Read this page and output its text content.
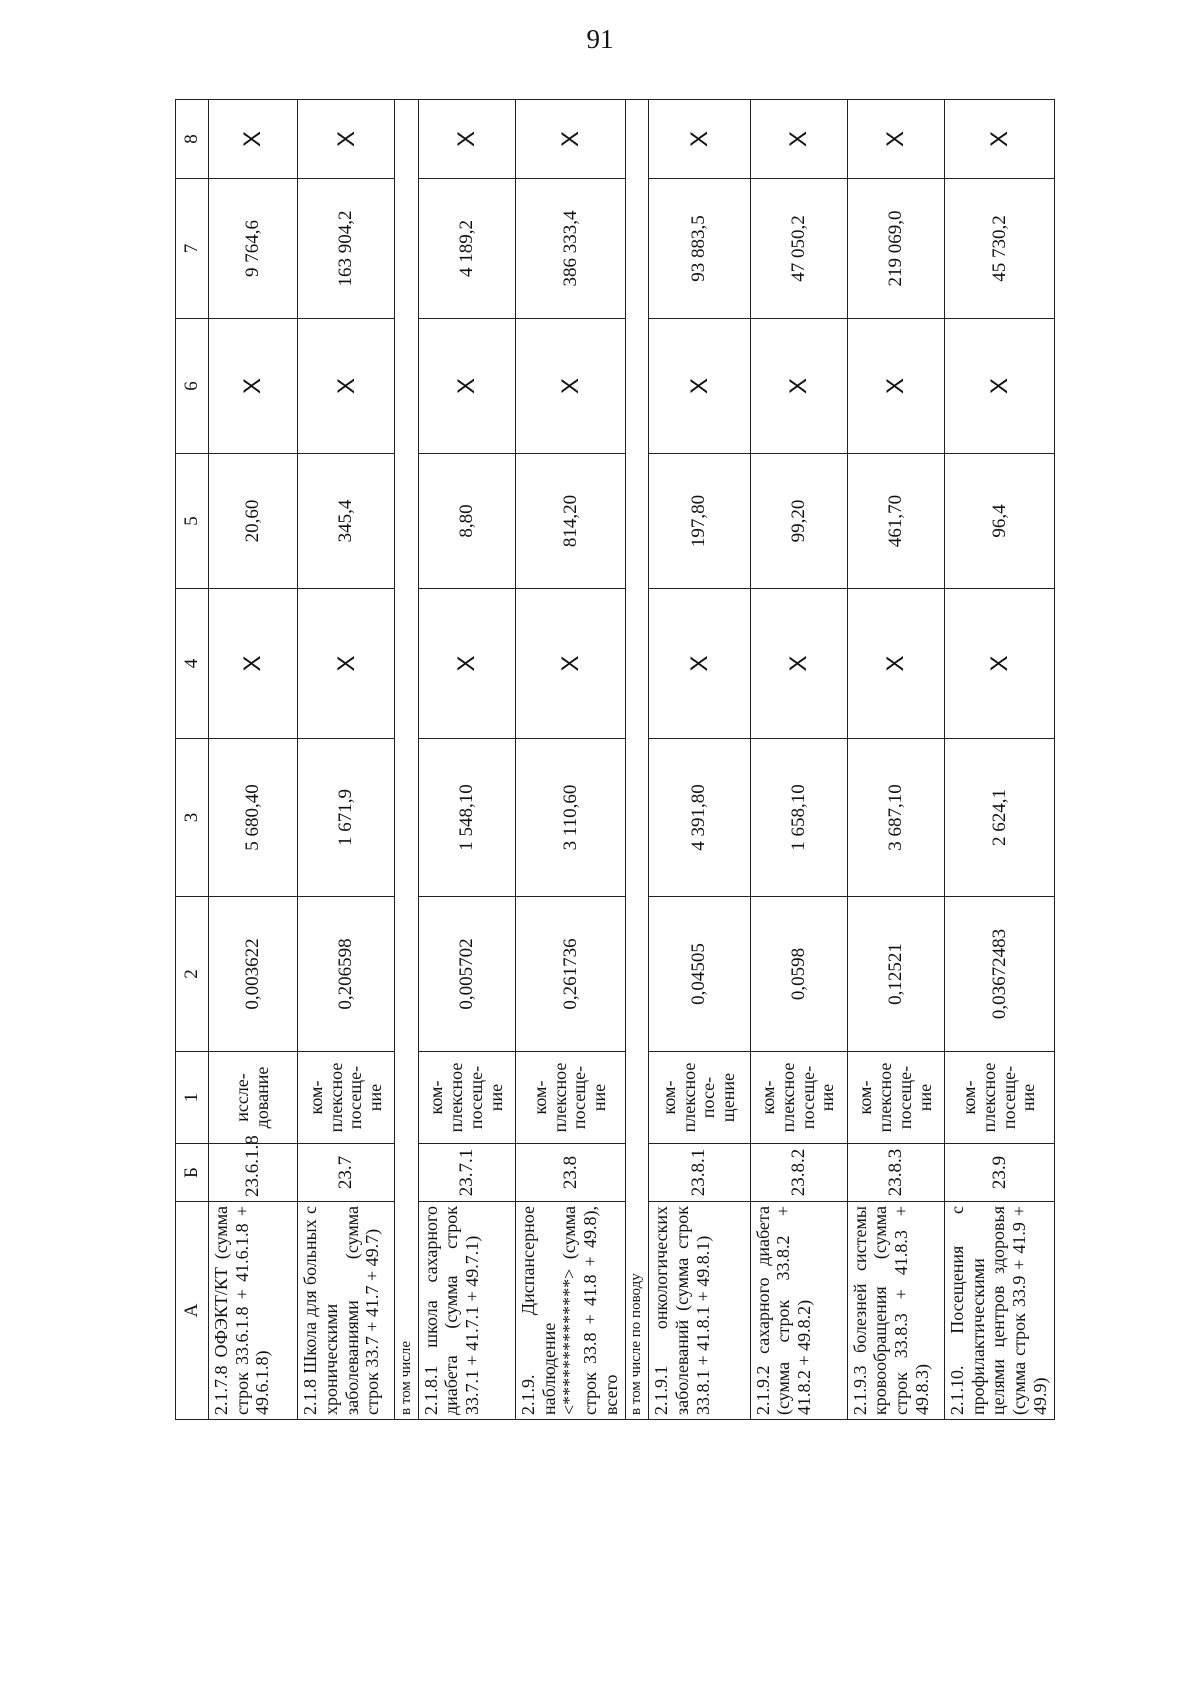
91
А	Б	1	2	3	4	5	6	7	8
2.1.7.8 ОФЭКТ/КТ (сумма строк 33.6.1.8 + 41.6.1.8 + 49.6.1.8)	23.6.1.8	иссле-дование	0,003622	5 680,40	X	20,60	X	9 764,6	X
2.1.8 Школа для больных с хроническими заболеваниями (сумма строк 33.7 + 41.7 + 49.7)	23.7	ком-плексное посеще-ние	0,206598	1 671,9	X	345,4	X	163 904,2	X
в том числе									
2.1.8.1 школа сахарного диабета (сумма строк 33.7.1 + 41.7.1 + 49.7.1)	23.7.1	ком-плексное посеще-ние	0,005702	1 548,10	X	8,80	X	4 189,2	X
2.1.9. Диспансерное наблюдение <**************> (сумма строк 33.8 + 41.8 + 49.8), всего	23.8	ком-плексное посеще-ние	0,261736	3 110,60	X	814,20	X	386 333,4	X
в том числе по поводу									
2.1.9.1 онкологических заболеваний (сумма строк 33.8.1 + 41.8.1 + 49.8.1)	23.8.1	ком-плексное посе-щение	0,04505	4 391,80	X	197,80	X	93 883,5	X
2.1.9.2 сахарного диабета (сумма строк 33.8.2 + 41.8.2 + 49.8.2)	23.8.2	ком-плексное посеще-ние	0,0598	1 658,10	X	99,20	X	47 050,2	X
2.1.9.3 болезней системы кровообращения (сумма строк 33.8.3 + 41.8.3 + 49.8.3)	23.8.3	ком-плексное посеще-ние	0,12521	3 687,10	X	461,70	X	219 069,0	X
2.1.10. Посещения с профилактическими целями центров здоровья (сумма строк 33.9 + 41.9 + 49.9)	23.9	ком-плексное посеще-ние	0,03672483	2 624,1	X	96,4	X	45 730,2	X
